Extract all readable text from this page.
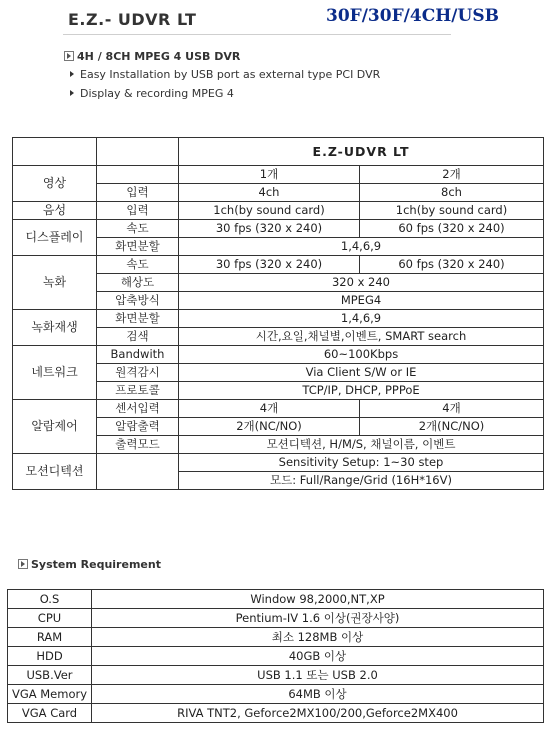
E.Z.- UDVR LT	30F/30F/4CH/USB
4H / 8CH MPEG 4 USB DVR
Easy Installation by USB port as external type PCI DVR
Display & recording MPEG 4
		E.Z-UDVR LT	
영상		1개	2개
	입력	4ch	8ch
음성	입력	1ch(by sound card)	1ch(by sound card)
디스플레이	속도	30 fps (320 x 240)	60 fps (320 x 240)
	화면분할	1,4,6,9	
녹화	속도	30 fps (320 x 240)	60 fps (320 x 240)
	해상도	320 x 240	
	압축방식	MPEG4	
녹화재생	화면분할	1,4,6,9	
	검색	시간,요일,채널별,이벤트, SMART search	
네트워크	Bandwith	60~100Kbps	
	원격감시	Via Client S/W or IE	
	프로토콜	TCP/IP, DHCP, PPPoE	
알람제어	센서입력	4개	4개
	알람출력	2개(NC/NO)	2개(NC/NO)
	출력모드	모션디텍션, H/M/S, 채널이름, 이벤트	
모션디텍션		Sensitivity Setup: 1~30 step	
		모드: Full/Range/Grid (16H*16V)	
System Requirement
O.S	Window 98,2000,NT,XP
CPU	Pentium-IV 1.6 이상(권장사양)
RAM	최소 128MB 이상
HDD	40GB 이상
USB.Ver	USB 1.1 또는 USB 2.0
VGA Memory	64MB 이상
VGA Card	RIVA TNT2, Geforce2MX100/200,Geforce2MX400
